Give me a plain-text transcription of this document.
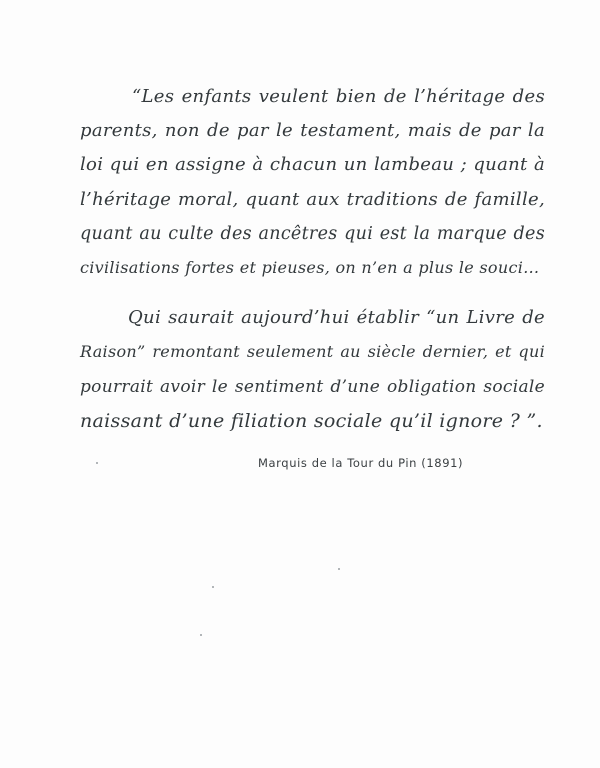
“Les enfants veulent bien de l’héritage des
parents, non de par le testament, mais de par la
loi qui en assigne à chacun un lambeau ; quant à
l’héritage moral, quant aux traditions de famille,
quant au culte des ancêtres qui est la marque des
civilisations fortes et pieuses, on n’en a plus le souci…

Qui saurait aujourd’hui établir “un Livre de
Raison” remontant seulement au siècle dernier, et qui
pourrait avoir le sentiment d’une obligation sociale
naissant d’une filiation sociale qu’il ignore ? ”.

Marquis de la Tour du Pin (1891)
